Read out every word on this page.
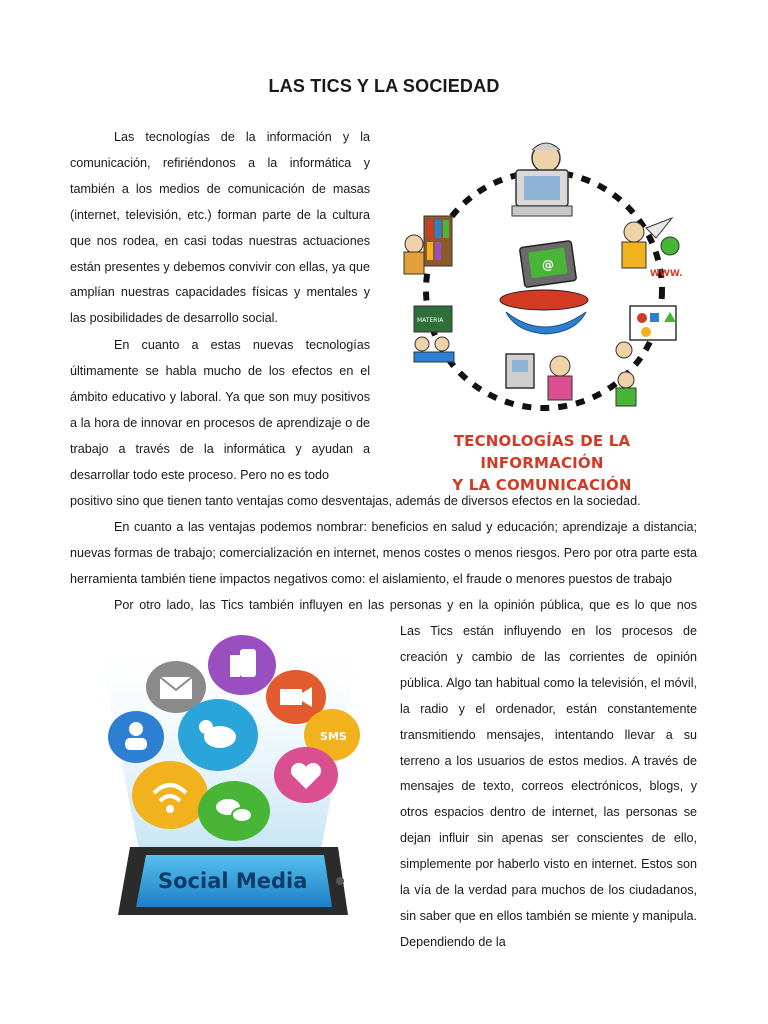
LAS TICS Y LA SOCIEDAD

Las tecnologías de la información y la comunicación, refiriéndonos a la informática y también a los medios de comunicación de masas (internet, televisión, etc.) forman parte de la cultura que nos rodea, en casi todas nuestras actuaciones están presentes y debemos convivir con ellas, ya que amplían nuestras capacidades físicas y mentales y las posibilidades de desarrollo social.

En cuanto a estas nuevas tecnologías últimamente se habla mucho de los efectos en el ámbito educativo y laboral. Ya que son muy positivos a la hora de innovar en procesos de aprendizaje o de trabajo a través de la informática y ayudan a desarrollar todo este proceso. Pero no es todo

positivo sino que tienen tanto ventajas como desventajas, además de diversos efectos en la sociedad.

En cuanto a las ventajas podemos nombrar: beneficios en salud y educación; aprendizaje a distancia; nuevas formas de trabajo; comercialización en internet, menos costes o menos riesgos. Pero por otra parte esta herramienta también tiene impactos negativos como: el aislamiento, el fraude o menores puestos de trabajo

Por otro lado, las Tics también influyen en las personas y en la opinión pública, que es lo que nos

Las Tics están influyendo en los procesos de creación y cambio de las corrientes de opinión pública. Algo tan habitual como la televisión, el móvil, la radio y el ordenador, están constantemente transmitiendo mensajes, intentando llevar a su terreno a los usuarios de estos medios. A través de mensajes de texto, correos electrónicos, blogs, y otros espacios dentro de internet, las personas se dejan influir sin apenas ser conscientes de ello, simplemente por haberlo visto en internet. Estos son la vía de la verdad para muchos de los ciudadanos, sin saber que en ellos también se miente y manipula. Dependiendo de la

WWW.
@
MATERIA
TECNOLOGÍAS DE LA INFORMACIÓN
Y LA COMUNICACIÓN
SMS
Social Media
